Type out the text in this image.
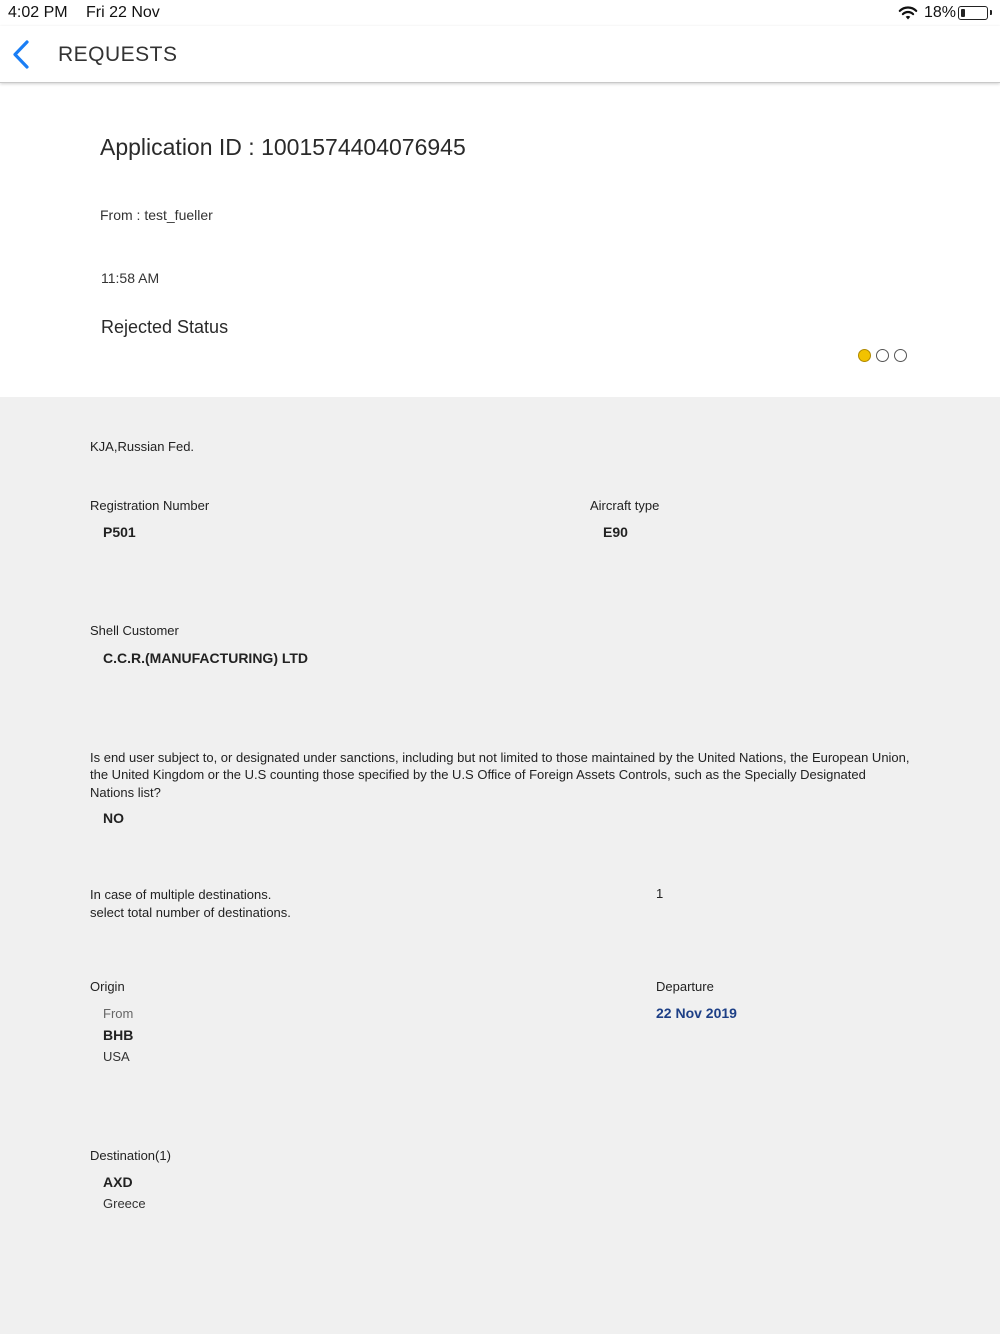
4:02 PM Fri 22 Nov	18%
REQUESTS
Application ID : 1001574404076945
From : test_fueller
11:58 AM
Rejected Status
KJA,Russian Fed.
Registration Number
P501
Aircraft type
E90
Shell Customer
C.C.R.(MANUFACTURING) LTD
Is end user subject to, or designated under sanctions, including but not limited to those maintained by the United Nations, the European Union, the United Kingdom or the U.S counting those specified by the U.S Office of Foreign Assets Controls, such as the Specially Designated Nations list?
NO
In case of multiple destinations.
select total number of destinations.
1
Origin
From
BHB
USA
Departure
22 Nov 2019
Destination(1)
AXD
Greece
